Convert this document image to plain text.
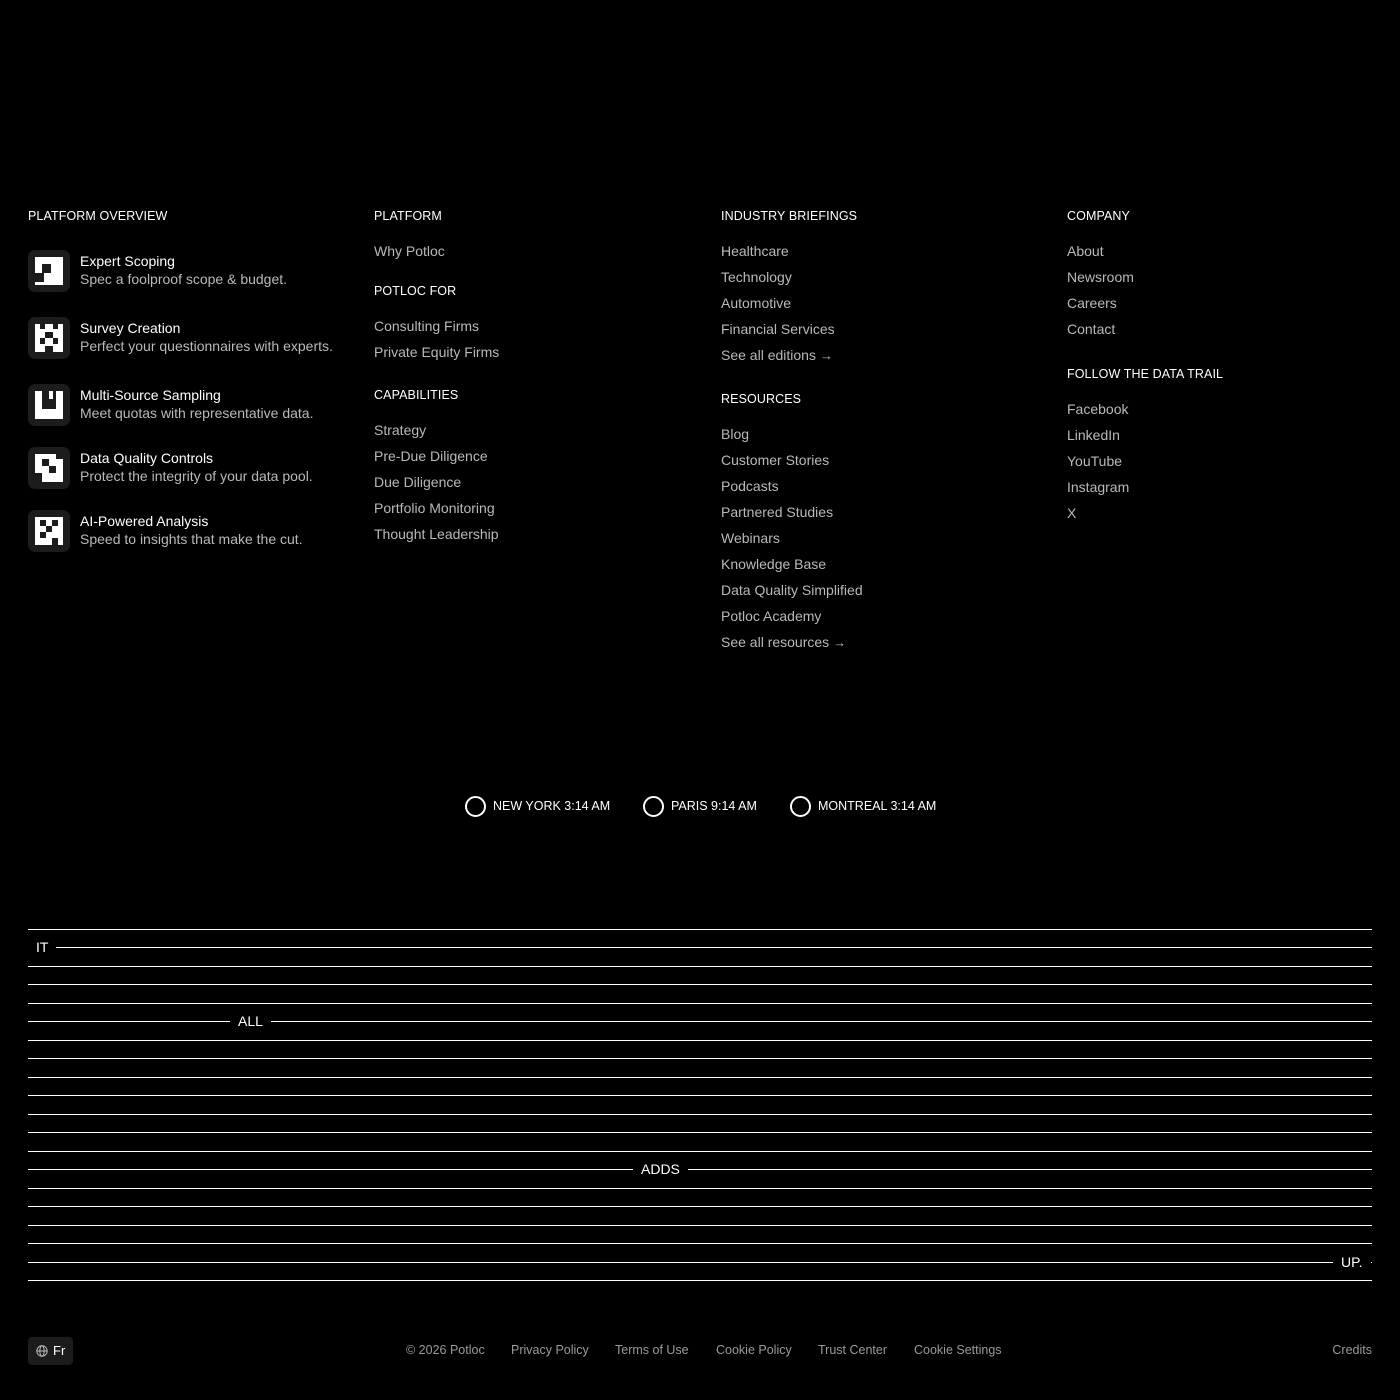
PLATFORM OVERVIEW
Expert Scoping
Spec a foolproof scope & budget.
Survey Creation
Perfect your questionnaires with experts.
Multi-Source Sampling
Meet quotas with representative data.
Data Quality Controls
Protect the integrity of your data pool.
AI-Powered Analysis
Speed to insights that make the cut.
PLATFORM
Why Potloc
POTLOC FOR
Consulting Firms
Private Equity Firms
CAPABILITIES
Strategy
Pre-Due Diligence
Due Diligence
Portfolio Monitoring
Thought Leadership
INDUSTRY BRIEFINGS
Healthcare
Technology
Automotive
Financial Services
See all editions →
RESOURCES
Blog
Customer Stories
Podcasts
Partnered Studies
Webinars
Knowledge Base
Data Quality Simplified
Potloc Academy
See all resources →
COMPANY
About
Newsroom
Careers
Contact
FOLLOW THE DATA TRAIL
Facebook
LinkedIn
YouTube
Instagram
X
NEW YORK 3:14 AM	PARIS 9:14 AM	MONTREAL 3:14 AM
IT
ALL
ADDS
UP.
Fr	© 2026 Potloc Privacy Policy Terms of Use Cookie Policy Trust Center Cookie Settings	Credits
